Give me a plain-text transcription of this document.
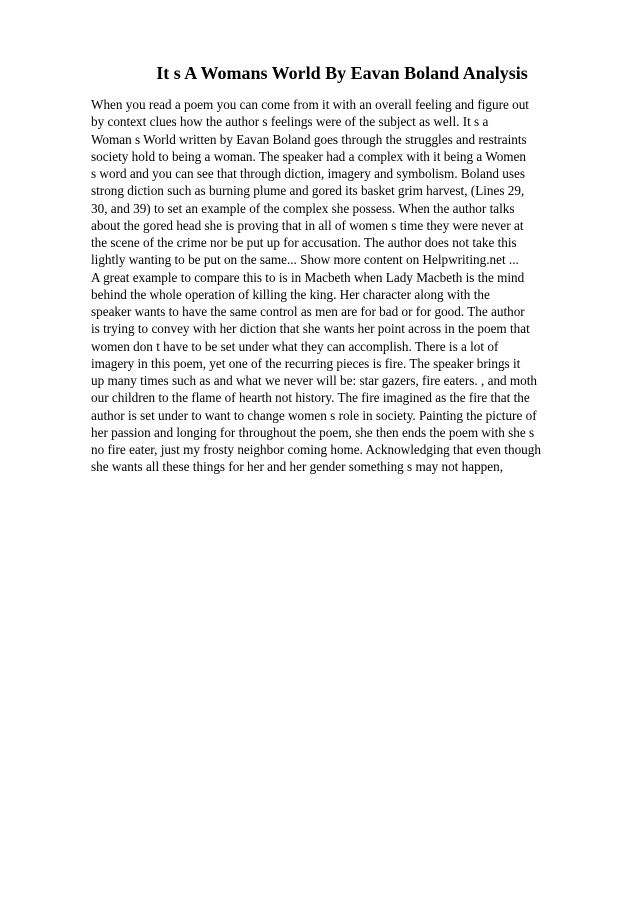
It s A Womans World By Eavan Boland Analysis
When you read a poem you can come from it with an overall feeling and figure out
by context clues how the author s feelings were of the subject as well. It s a
Woman s World written by Eavan Boland goes through the struggles and restraints
society hold to being a woman. The speaker had a complex with it being a Women
s word and you can see that through diction, imagery and symbolism. Boland uses
strong diction such as burning plume and gored its basket grim harvest, (Lines 29,
30, and 39) to set an example of the complex she possess. When the author talks
about the gored head she is proving that in all of women s time they were never at
the scene of the crime nor be put up for accusation. The author does not take this
lightly wanting to be put on the same... Show more content on Helpwriting.net ...
A great example to compare this to is in Macbeth when Lady Macbeth is the mind
behind the whole operation of killing the king. Her character along with the
speaker wants to have the same control as men are for bad or for good. The author
is trying to convey with her diction that she wants her point across in the poem that
women don t have to be set under what they can accomplish. There is a lot of
imagery in this poem, yet one of the recurring pieces is fire. The speaker brings it
up many times such as and what we never will be: star gazers, fire eaters. , and moth
our children to the flame of hearth not history. The fire imagined as the fire that the
author is set under to want to change women s role in society. Painting the picture of
her passion and longing for throughout the poem, she then ends the poem with she s
no fire eater, just my frosty neighbor coming home. Acknowledging that even though
she wants all these things for her and her gender something s may not happen,
